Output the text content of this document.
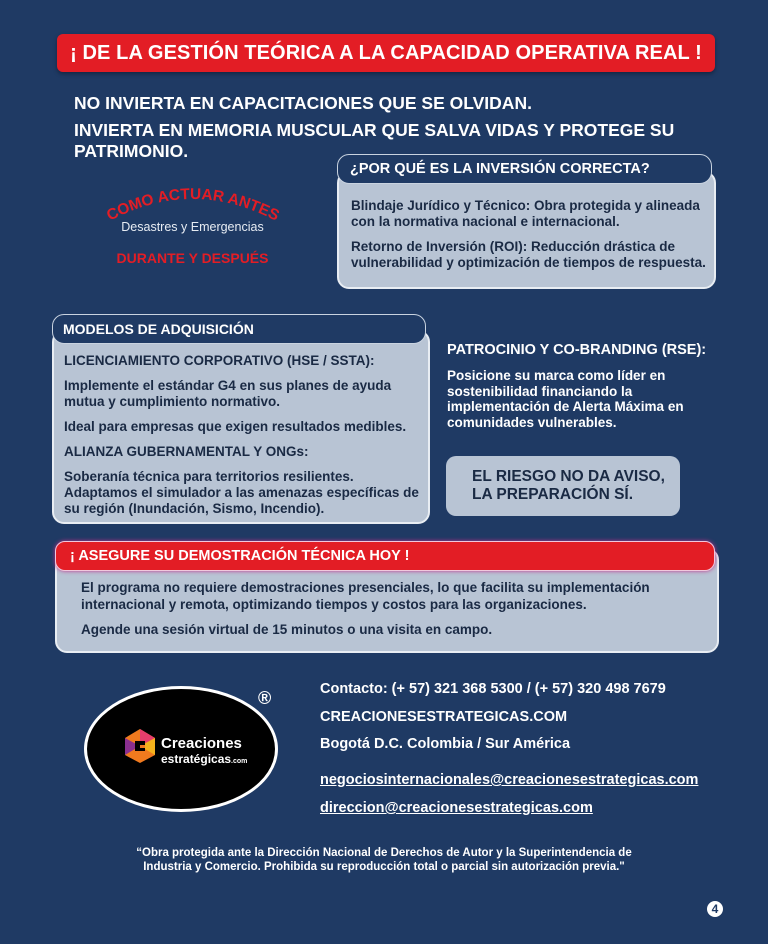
¡ DE LA GESTIÓN TEÓRICA A LA CAPACIDAD OPERATIVA REAL !
NO INVIERTA EN CAPACITACIONES QUE SE OLVIDAN.
INVIERTA EN MEMORIA MUSCULAR QUE SALVA VIDAS Y PROTEGE SU PATRIMONIO.
COMO ACTUAR ANTES
Desastres y Emergencias
DURANTE Y DESPUÉS

Blindaje Jurídico y Técnico: Obra protegida y alineada con la normativa nacional e internacional.

Retorno de Inversión (ROI): Reducción drástica de vulnerabilidad y optimización de tiempos de respuesta.

¿POR QUÉ ES LA INVERSIÓN CORRECTA?

LICENCIAMIENTO CORPORATIVO (HSE / SSTA):

Implemente el estándar G4 en sus planes de ayuda mutua y cumplimiento normativo.

Ideal para empresas que exigen resultados medibles.

ALIANZA GUBERNAMENTAL Y ONGs:

Soberanía técnica para territorios resilientes. Adaptamos el simulador a las amenazas específicas de su región (Inundación, Sismo, Incendio).

MODELOS DE ADQUISICIÓN
PATROCINIO Y CO-BRANDING (RSE):
Posicione su marca como líder en sostenibilidad financiando la implementación de Alerta Máxima en comunidades vulnerables.
EL RIESGO NO DA AVISO,
LA PREPARACIÓN SÍ.

El programa no requiere demostraciones presenciales, lo que facilita su implementación internacional y remota, optimizando tiempos y costos para las organizaciones.

Agende una sesión virtual de 15 minutos o una visita en campo.

¡ ASEGURE SU DEMOSTRACIÓN TÉCNICA HOY !
Creaciones
estratégicas.com
®	Contacto: (+ 57) 321 368 5300 / (+ 57) 320 498 7679
CREACIONESESTRATEGICAS.COM
Bogotá D.C. Colombia / Sur América
negociosinternacionales@creacionesestrategicas.com
direccion@creacionesestrategicas.com
“Obra protegida ante la Dirección Nacional de Derechos de Autor y la Superintendencia de
Industria y Comercio. Prohibida su reproducción total o parcial sin autorización previa."
4
